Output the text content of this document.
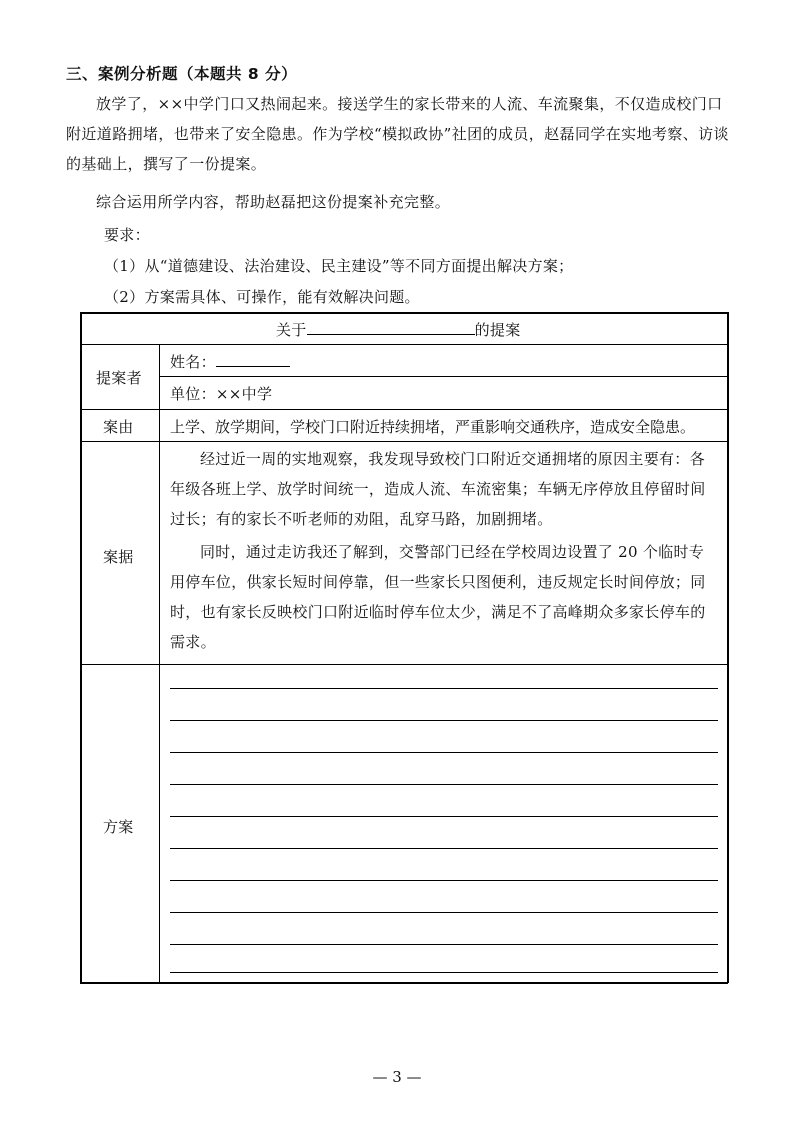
三、案例分析题（本题共 8 分）

放学了，××中学门口又热闹起来。接送学生的家长带来的人流、车流聚集，不仅造成校门口附近道路拥堵，也带来了安全隐患。作为学校“模拟政协”社团的成员，赵磊同学在实地考察、访谈的基础上，撰写了一份提案。

综合运用所学内容，帮助赵磊把这份提案补充完整。

要求：
（1）从“道德建设、法治建设、民主建设”等不同方面提出解决方案；
（2）方案需具体、可操作，能有效解决问题。
关于	的提案
提案者
姓名：
单位：××中学
案由 上学、放学期间，学校门口附近持续拥堵，严重影响交通秩序，造成安全隐患。
案据

经过近一周的实地观察，我发现导致校门口附近交通拥堵的原因主要有：各年级各班上学、放学时间统一，造成人流、车流密集；车辆无序停放且停留时间过长；有的家长不听老师的劝阻，乱穿马路，加剧拥堵。

同时，通过走访我还了解到，交警部门已经在学校周边设置了 20 个临时专用停车位，供家长短时间停靠，但一些家长只图便利，违反规定长时间停放；同时，也有家长反映校门口附近临时停车位太少，满足不了高峰期众多家长停车的需求。

方案
— 3 —
